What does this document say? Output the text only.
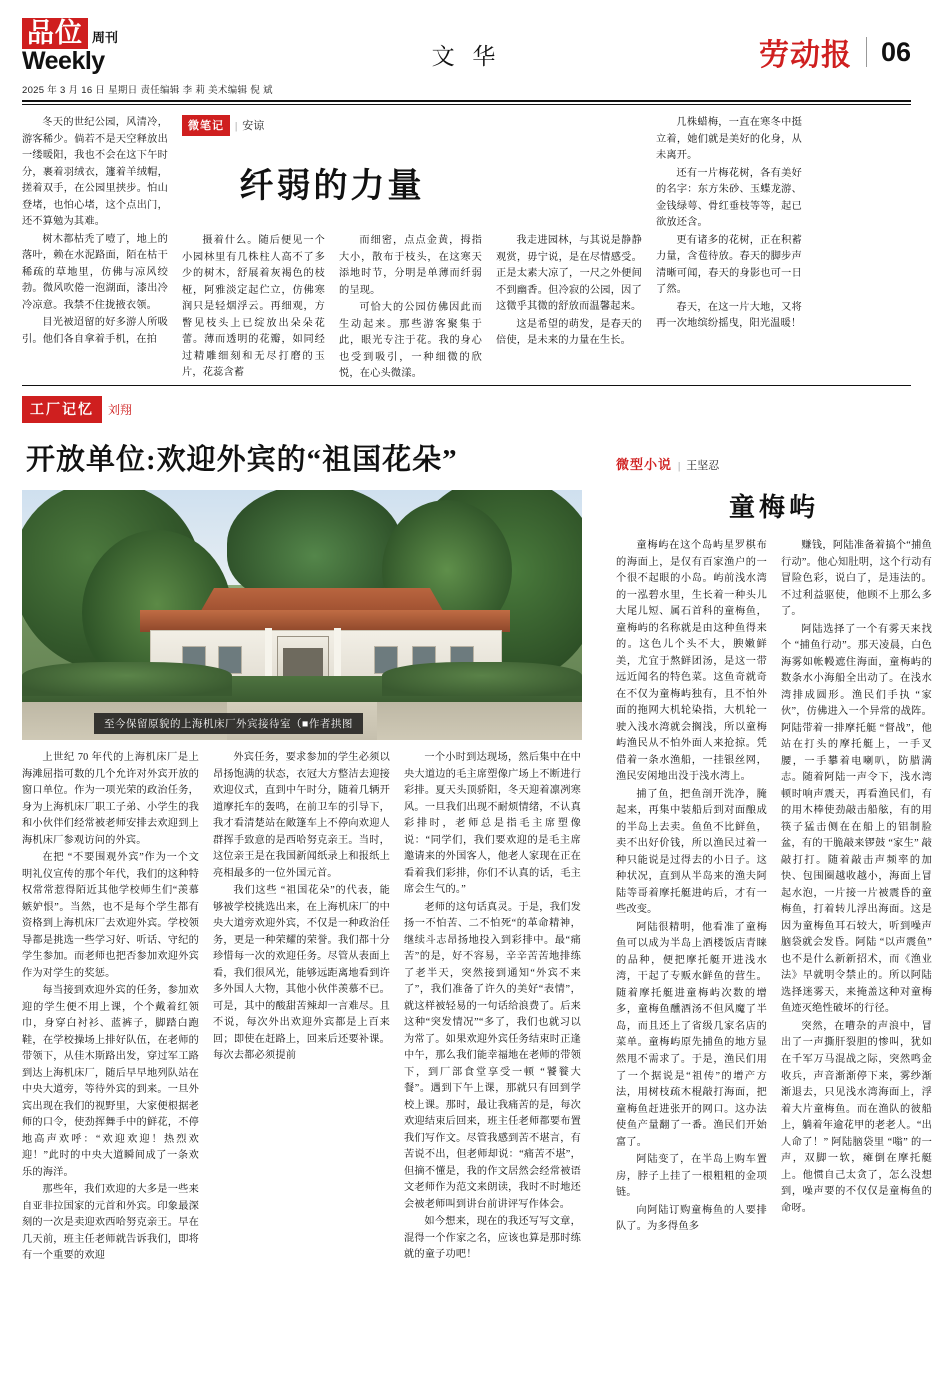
品位 周刊
Weekly	文 华	劳动报 06
2025 年 3 月 16 日 星期日 责任编辑 李 莉 美术编辑 倪 斌

冬天的世纪公园，风清冷，游客稀少。倘若不是天空释放出一缕暖阳，我也不会在这下午时分，裹着羽绒衣，籧着羊绒帽，搓着双手，在公园里挟步。怕山登堵，也怕心堵，这个点出门，还不算勉为其难。

树木都枯秃了噎了，地上的落叶，赖在水泥路面，陌在枯干稀疏的草地里，仿佛与凉风绞勃。微风吹倦一泡湖面，漆出冷冷凉意。我禁不住拢掖衣领。

目光被迢留的好多游人所吸引。他们各自拿着手机，在拍

微笔记	| 安谅
纤弱的力量

摄着什么。随后便见一个小园林里有几株柱人高不了多少的树木，舒展着灰褐色的枝桠，阿雅淡定起伫立，仿佛寒润只是轻烟浮云。再细观，方瞥见枝头上已绽放出朵朵花蕾。薄而透明的花瓣，如同经过精雕细刻和无尽打磨的玉片，花蕊含蓄

而细密，点点金黄，拇指大小，散布于枝头，在这寒天添地时节，分明是单薄而纤弱的呈现。

可恰大的公园仿佛因此而生动起来。那些游客聚集于此，眼光专注于花。我的身心也受到吸引，一种细微的欣悦，在心头微漾。

我走进园林，与其说是静静观赏，毋宁说，是在尽情感受。正是太素大凉了，一尺之外便间不到幽香。但冷寂的公园，因了这微乎其微的舒放而温馨起来。

这是希望的萌发，是春天的倍使，是未来的力量在生长。

几株蜡梅，一直在寒冬中挺立着，她们就是美好的化身，从未离开。

还有一片梅花树，各有美好的名字：东方朱砂、玉蝶龙游、金钱绿萼、骨红垂枝等等，起已欲放还含。

更有诸多的花树，正在积蓄力量，含苞待放。春天的脚步声清晰可闻，春天的身影也可一日了然。

春天，在这一片大地，又将再一次地缤纷摇曳，阳光温暖！

工厂记忆	刘翔
开放单位:欢迎外宾的“祖国花朵”
至今保留原貌的上海机床厂外宾接待室（■作者拱图

上世纪 70 年代的上海机床厂是上海滩屈指可数的几个允许对外宾开放的窗口单位。作为一项光荣的政治任务，身为上海机床厂职工子弟、小学生的我和小伙伴们经常被老师安排去欢迎到上海机床厂参观访问的外宾。

在把 “不要围观外宾”作为一个文明礼仪宣传的那个年代，我们的这种特权常常惹得陌近其他学校师生们“羡慕嫉妒恨”。当然，也不是每个学生都有资格到上海机床厂去欢迎外宾。学校领导都是挑选一些学习好、听话、守纪的学生参加。而老师也把否参加欢迎外宾作为对学生的奖惩。

每当接到欢迎外宾的任务，参加欢迎的学生便不用上课，个个戴着红领巾，身穿白衬衫、蓝裤子，脚踏白跑鞋，在学校操场上排好队伍，在老师的带领下，从佳木斯路出发，穿过军工路到达上海机床厂，随后早早地列队站在中央大道旁，等待外宾的到来。一旦外宾出现在我们的视野里，大家便根据老师的口令，使劲挥舞手中的鲜花，不停地高声欢呼：“欢迎欢迎！热烈欢迎！”此时的中央大道瞬间成了一条欢乐的海洋。

那些年，我们欢迎的大多是一些来自亚非拉国家的元首和外宾。印象最深刻的一次是卖迎欢西哈努克亲王。早在几天前，班主任老师就告诉我们，即将有一个重要的欢迎

外宾任务，要求参加的学生必须以昂扬饱满的状态，衣冠大方整洁去迎接欢迎仪式，直到中午时分，随着几辆开道摩托车的轰鸣，在前卫车的引导下，我才看清楚站在敞篷车上不停向欢迎人群挥手致意的是西哈努克亲王。当时，这位亲王是在我国新闻纸录上和报纸上亮相最多的一位外国元首。

我们这些 “祖国花朵”的代表，能够被学校挑选出来，在上海机床厂的中央大道旁欢迎外宾，不仅是一种政治任务，更是一种荣耀的荣誉。我们都十分珍惜每一次的欢迎任务。尽管从表面上看，我们很风光，能够远距离地看到许多外国人大物，其他小伙伴羡慕不已。可是，其中的酸甜苦辣却一言难尽。且不说，每次外出欢迎外宾都是上百来回；即使在赶路上，回来后还要补课。每次去都必须提前

一个小时到达现场，然后集中在中央大道边的毛主席塑像广场上不断进行彩排。夏天头顶骄阳，冬天迎着凛冽寒风。一旦我们出现不耐烦情绪，不认真彩排时，老师总是指毛主席塑像说：“同学们，我们要欢迎的是毛主席邀请来的外国客人，他老人家现在正在看着我们彩排，你们不认真的话，毛主席会生气的。”

老师的这句话真灵。于是，我们发扬一不怕苦、二不怕死“的革命精神，继续斗志昂扬地投入到彩排中。最“痛苦”的是，好不容易，辛辛苦苦地排练了老半天，突然接到通知“外宾不来了”，我们准备了许久的美好“表情”，就这样被轻易的一句话给浪费了。后来这种“突发情况”“多了，我们也就习以为常了。如果欢迎外宾任务结束时正逢中午，那么我们能幸福地在老师的带领下，到厂部食堂享受一顿 “饕餮大餐”。遇到下午上课，那就只有回到学校上课。那时，最让我痛苦的是，每次欢迎结束后回来，班主任老师都要布置我们写作文。尽管我感到苦不堪言，有苦说不出，但老师却说：“痛苦不堪”，但摘不懂是，我的作文居然会经常被语文老师作为范文来朗读，我时不时地还会被老师叫到讲台前讲评写作体会。

如今想来，现在的我还写写文章，混得一个作家之名，应该也算是那时练就的童子功吧！

微型小说 | 王坚忍
童梅屿

童梅屿在这个岛屿星罗棋布的海面上，是仅有百家渔户的一个很不起眼的小岛。屿前浅水湾的一泓碧水里，生长着一种头儿大尾儿短、属石首科的童梅鱼，童梅屿的名称就是由这种鱼得来的。这色儿个头不大，腴嫩鲜美，尤宜于熬鲜团汤，是这一带远近闻名的特色菜。这鱼奇就奇在不仅为童梅屿独有，且不怕外面的拖网大机轮染指，大机轮一驶入浅水湾就会搁浅，所以童梅屿渔民从不怕外面人来抢掠。凭借着一条水渔船，一挂银丝网，渔民安闲地出没于浅水湾上。

捕了鱼，把鱼剖开洗净，腌起来，再集中装船后到对面酿成的半岛上去卖。鱼鱼不比鲜鱼，卖不出好价钱，所以渔民过着一种只能说是过得去的小日子。这种状况，直到从半岛来的渔夫阿陆等哥着摩托艇进屿后，才有一些改变。

阿陆很精明，他看准了童梅鱼可以成为半岛上酒楼饭店青睐的品种，便把摩托艇开进浅水湾，干起了专贩水鲜鱼的营生。随着摩托艇进童梅屿次数的增多，童梅鱼醺酒汤不但风魔了半岛，而且还上了省级几家名店的菜单。童梅屿原先捕鱼的地方显然甩不需求了。于是，渔民们用了一个据说是“祖传”的增产方法，用树枝疏木棍敲打海面，把童梅鱼赶进张开的网口。这办法使鱼产量翻了一番。渔民们开始富了。

阿陆变了，在半岛上购车置房，脖子上挂了一根粗粗的金项链。

向阿陆订购童梅鱼的人要排队了。为多得鱼多

赚钱，阿陆准备着搞个“捕鱼行动”。他心知肚明，这个行动有冒险色彩，说白了，是违法的。不过利益驱使，他顾不上那么多了。

阿陆选择了一个有雾天来找个 “捕鱼行动”。那天凌晨，白色海雾如帐幔遮住海面，童梅屿的数条水小海船全出动了。在浅水湾排成圆形。渔民们手执 “家伙”，仿佛进入一个异常的战阵。阿陆带着一排摩托艇 “督战”，他站在打头的摩托艇上，一手叉腰，一手攀着电喇叭，防腊满志。随着阿陆一声令下，浅水湾顿时响声震天，再看渔民们，有的用木棒使劲敲击船舷，有的用筷子猛击侧在在船上的铝制脸盆，有的干脆敲来锣鼓 “家生” 敲敲打打。随着敲击声频率的加快、包围圈越收越小，海面上冒起水泡，一片接一片被震昏的童梅鱼，打着转儿浮出海面。这是因为童梅鱼耳石较大，听到噪声脑袋就会发昏。阿陆 “以声震鱼” 也不是什么新新招术，而《渔业法》早就明令禁止的。所以阿陆选择迷雾天，来掩盖这种对童梅鱼迹灭绝性破坏的行径。

突然，在嘈杂的声浪中，冒出了一声撕肝裂胆的惨叫，犹如在千军万马混战之际，突然鸣金收兵，声音渐渐停下来，雾纱渐渐退去，只见浅水湾海面上，浮着大片童梅鱼。而在渔队的彼船上，躺着年逾花甲的老老人。“出人命了！” 阿陆脑袋里 “嗡” 的一声，双脚一软，瘫倒在摩托艇上。他惯自己太贪了，怎么没想到，噪声要的不仅仅是童梅鱼的命呀。
